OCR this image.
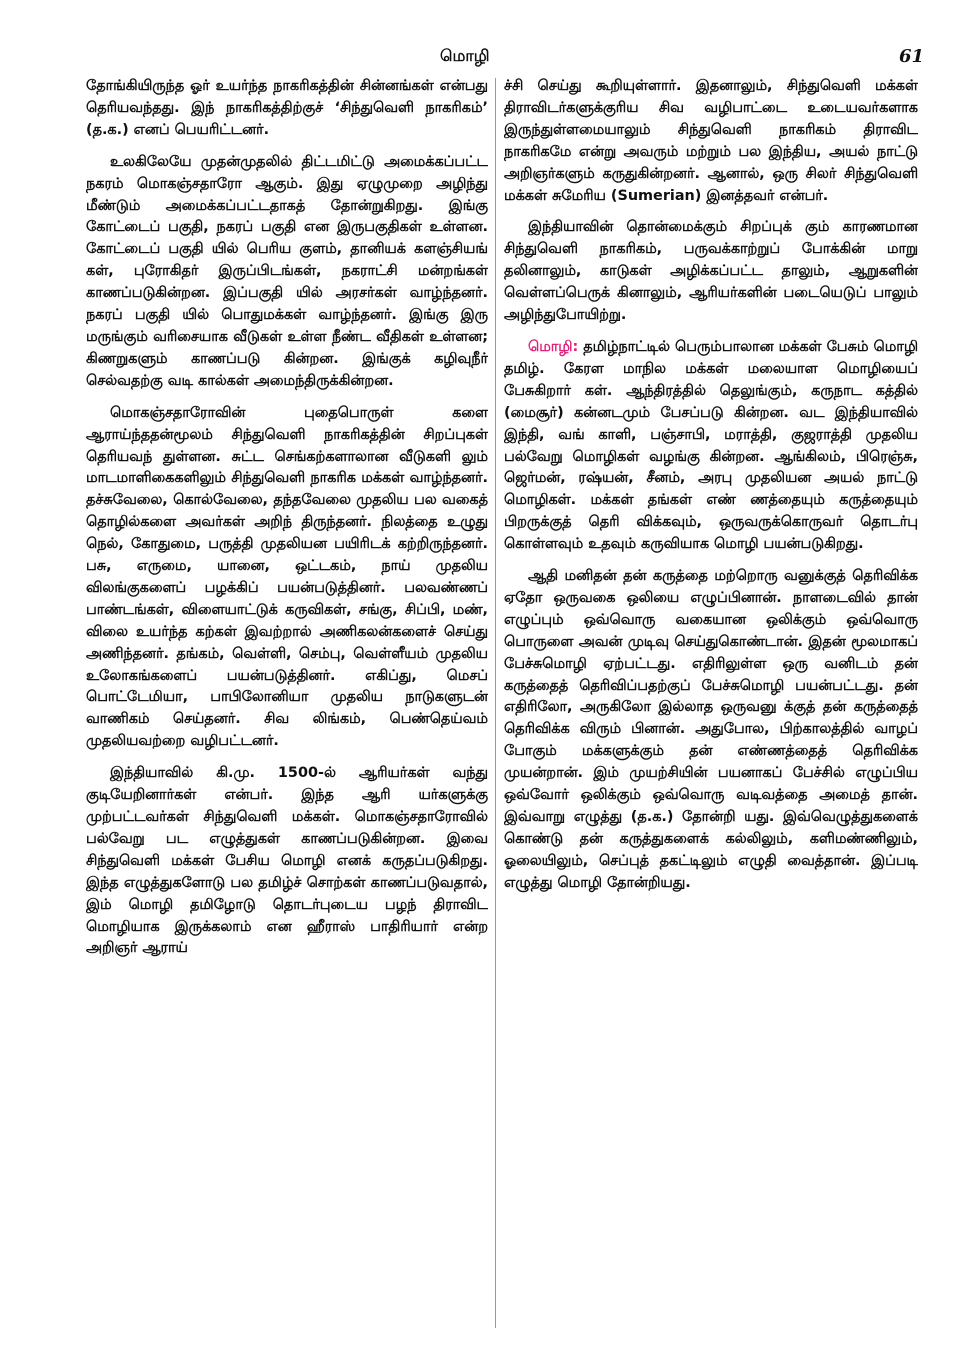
மொழி	61

தோங்கியிருந்த ஓர் உயர்ந்த நாகரிகத்தின் சின்னங்கள் என்பது தெரியவந்தது. இந் நாகரிகத்திற்குச் ‘சிந்துவெளி நாகரிகம்’ (த.க.) எனப் பெயரிட்டனர்.

உலகிலேயே முதன்முதலில் திட்டமிட்டு அமைக்கப்பட்ட நகரம் மொகஞ்சதாரோ ஆகும். இது ஏழுமுறை அழிந்து மீண்டும் அமைக்கப்பட்டதாகத் தோன்றுகிறது. இங்கு கோட்டைப் பகுதி, நகரப் பகுதி என இருபகுதிகள் உள்ளன. கோட்டைப் பகுதி யில் பெரிய குளம், தானியக் களஞ்சியங் கள், புரோகிதர் இருப்பிடங்கள், நகராட்சி மன்றங்கள் காணப்படுகின்றன. இப்பகுதி யில் அரசர்கள் வாழ்ந்தனர். நகரப் பகுதி யில் பொதுமக்கள் வாழ்ந்தனர். இங்கு இரு மருங்கும் வரிசையாக வீடுகள் உள்ள நீண்ட வீதிகள் உள்ளன; கிணறுகளும் காணப்படு கின்றன. இங்குக் கழிவுநீர் செல்வதற்கு வடி கால்கள் அமைந்திருக்கின்றன.

மொகஞ்சதாரோவின் புதைபொருள் களை ஆராய்ந்ததன்மூலம் சிந்துவெளி நாகரிகத்தின் சிறப்புகள் தெரியவந் துள்ளன. சுட்ட செங்கற்களாலான வீடுகளி லும் மாடமாளிகைகளிலும் சிந்துவெளி நாகரிக மக்கள் வாழ்ந்தனர். தச்சுவேலை, கொல்வேலை, தந்தவேலை முதலிய பல வகைத் தொழில்களை அவர்கள் அறிந் திருந்தனர். நிலத்தை உழுது நெல், கோதுமை, பருத்தி முதலியன பயிரிடக் கற்றிருந்தனர். பசு, எருமை, யானை, ஒட்டகம், நாய் முதலிய விலங்குகளைப் பழக்கிப் பயன்படுத்தினர். பலவண்ணப் பாண்டங்கள், விளையாட்டுக் கருவிகள், சங்கு, சிப்பி, மண், விலை உயர்ந்த கற்கள் இவற்றால் அணிகலன்களைச் செய்து அணிந்தனர். தங்கம், வெள்ளி, செம்பு, வெள்ளீயம் முதலிய உலோகங்களைப் பயன்படுத்தினர். எகிப்து, மெசப் பொட்டேமியா, பாபிலோனியா முதலிய நாடுகளுடன் வாணிகம் செய்தனர். சிவ லிங்கம், பெண்தெய்வம் முதலியவற்றை வழிபட்டனர்.

இந்தியாவில் கி.மு. 1500-ல் ஆரியர்கள் வந்து குடியேறினார்கள் என்பர். இந்த ஆரி யர்களுக்கு முற்பட்டவர்கள் சிந்துவெளி மக்கள். மொகஞ்சதாரோவில் பல்வேறு பட எழுத்துகள் காணப்படுகின்றன. இவை சிந்துவெளி மக்கள் பேசிய மொழி எனக் கருதப்படுகிறது. இந்த எழுத்துகளோடு பல தமிழ்ச் சொற்கள் காணப்படுவதால், இம் மொழி தமிழோடு தொடர்புடைய பழந் திராவிட மொழியாக இருக்கலாம் என ஹீராஸ் பாதிரியார் என்ற அறிஞர் ஆராய்

ச்சி செய்து கூறியுள்ளார். இதனாலும், சிந்துவெளி மக்கள் திராவிடர்களுக்குரிய சிவ வழிபாட்டை உடையவர்களாக இருந்துள்ளமையாலும் சிந்துவெளி நாகரிகம் திராவிட நாகரிகமே என்று அவரும் மற்றும் பல இந்திய, அயல் நாட்டு அறிஞர்களும் கருதுகின்றனர். ஆனால், ஒரு சிலர் சிந்துவெளி மக்கள் சுமேரிய (Sumerian) இனத்தவர் என்பர்.

இந்தியாவின் தொன்மைக்கும் சிறப்புக் கும் காரணமான சிந்துவெளி நாகரிகம், பருவக்காற்றுப் போக்கின் மாறு தலினாலும், காடுகள் அழிக்கப்பட்ட தாலும், ஆறுகளின் வெள்ளப்பெருக் கினாலும், ஆரியர்களின் படையெடுப் பாலும் அழிந்துபோயிற்று.

மொழி: தமிழ்நாட்டில் பெரும்பாலான மக்கள் பேசும் மொழி தமிழ். கேரள மாநில மக்கள் மலையாள மொழியைப் பேசுகிறார் கள். ஆந்திரத்தில் தெலுங்கும், கருநாட கத்தில் (மைசூர்) கன்னடமும் பேசப்படு கின்றன. வட இந்தியாவில் இந்தி, வங் காளி, பஞ்சாபி, மராத்தி, குஜராத்தி முதலிய பல்வேறு மொழிகள் வழங்கு கின்றன. ஆங்கிலம், பிரெஞ்சு, ஜெர்மன், ரஷ்யன், சீனம், அரபு முதலியன அயல் நாட்டு மொழிகள். மக்கள் தங்கள் எண் ணத்தையும் கருத்தையும் பிறருக்குத் தெரி விக்கவும், ஒருவருக்கொருவர் தொடர்பு கொள்ளவும் உதவும் கருவியாக மொழி பயன்படுகிறது.

ஆதி மனிதன் தன் கருத்தை மற்றொரு வனுக்குத் தெரிவிக்க ஏதோ ஒருவகை ஒலியை எழுப்பினான். நாளடைவில் தான் எழுப்பும் ஒவ்வொரு வகையான ஒலிக்கும் ஒவ்வொரு பொருளை அவன் முடிவு செய்துகொண்டான். இதன் மூலமாகப் பேச்சுமொழி ஏற்பட்டது. எதிரிலுள்ள ஒரு வனிடம் தன் கருத்தைத் தெரிவிப்பதற்குப் பேச்சுமொழி பயன்பட்டது. தன் எதிரிலோ, அருகிலோ இல்லாத ஒருவனு க்குத் தன் கருத்தைத் தெரிவிக்க விரும் பினான். அதுபோல, பிற்காலத்தில் வாழப் போகும் மக்களுக்கும் தன் எண்ணத்தைத் தெரிவிக்க முயன்றான். இம் முயற்சியின் பயனாகப் பேச்சில் எழுப்பிய ஒவ்வோர் ஒலிக்கும் ஒவ்வொரு வடிவத்தை அமைத் தான். இவ்வாறு எழுத்து (த.க.) தோன்றி யது. இவ்வெழுத்துகளைக் கொண்டு தன் கருத்துகளைக் கல்லிலும், களிமண்ணிலும், ஓலையிலும், செப்புத் தகட்டிலும் எழுதி வைத்தான். இப்படி எழுத்து மொழி தோன்றியது.
